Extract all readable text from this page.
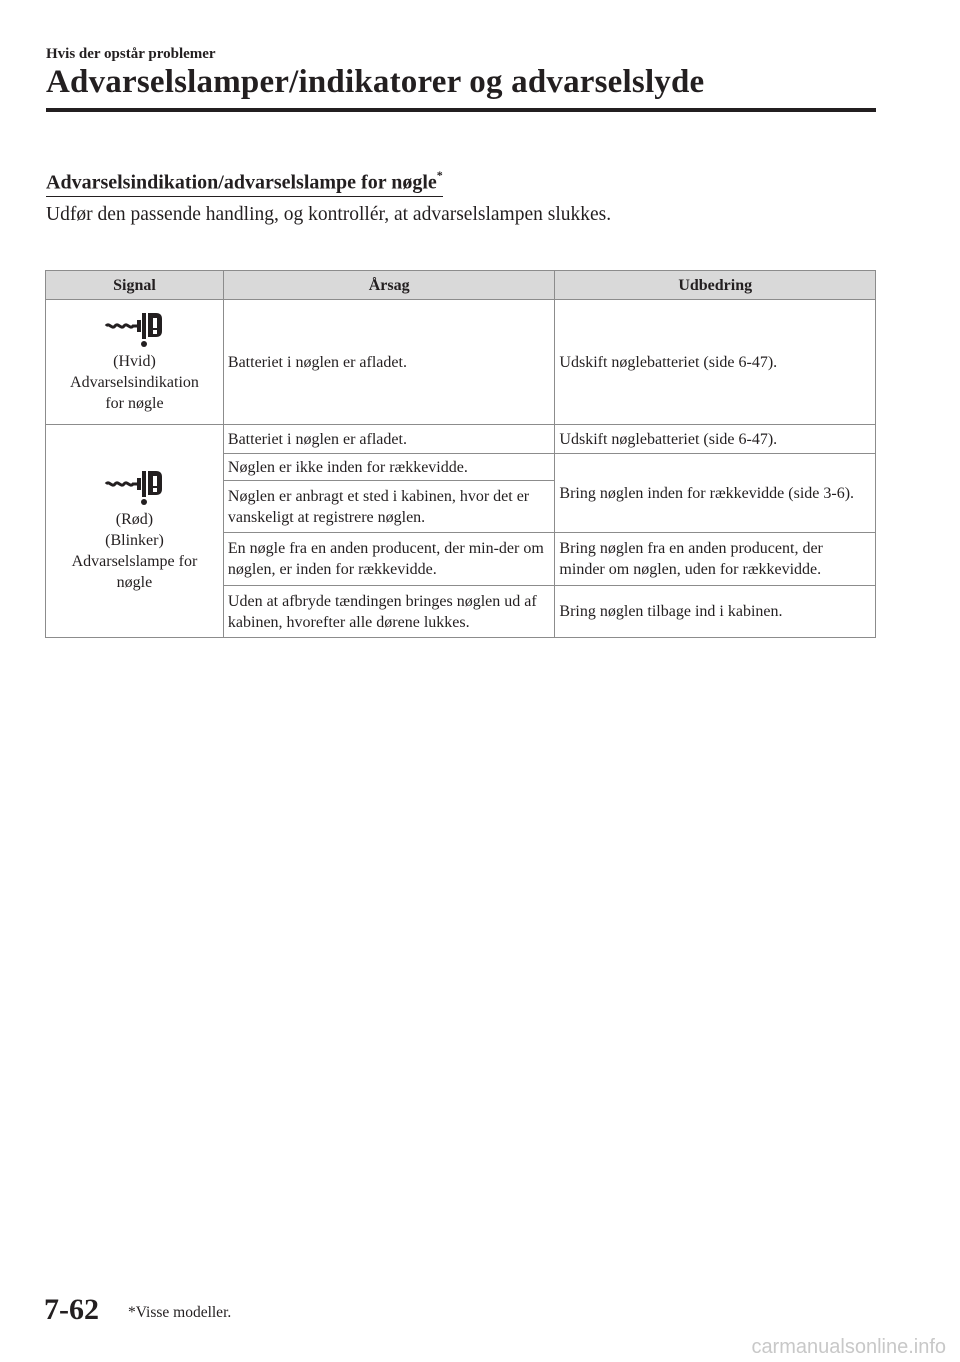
Hvis der opstår problemer
Advarselslamper/indikatorer og advarselslyde
Advarselsindikation/advarselslampe for nøgle*
Udfør den passende handling, og kontrollér, at advarselslampen slukkes.
Signal	Årsag	Udbedring

(Hvid)
Advarselsindikation
for nøgle	Batteriet i nøglen er afladet.	Udskift nøglebatteriet (side 6-47).

(Rød)
(Blinker)
Advarselslampe for
nøgle	Batteriet i nøglen er afladet.	Udskift nøglebatteriet (side 6-47).
	Nøglen er ikke inden for rækkevidde.	Bring nøglen inden for rækkevidde (side 3-6).
	Nøglen er anbragt et sted i kabinen, hvor det er vanskeligt at registrere nøglen.	
	En nøgle fra en anden producent, der min-der om nøglen, er inden for rækkevidde.	Bring nøglen fra en anden producent, der minder om nøglen, uden for rækkevidde.
	Uden at afbryde tændingen bringes nøglen ud af kabinen, hvorefter alle dørene lukkes.	Bring nøglen tilbage ind i kabinen.
7-62 *Visse modeller.
carmanualsonline.info
